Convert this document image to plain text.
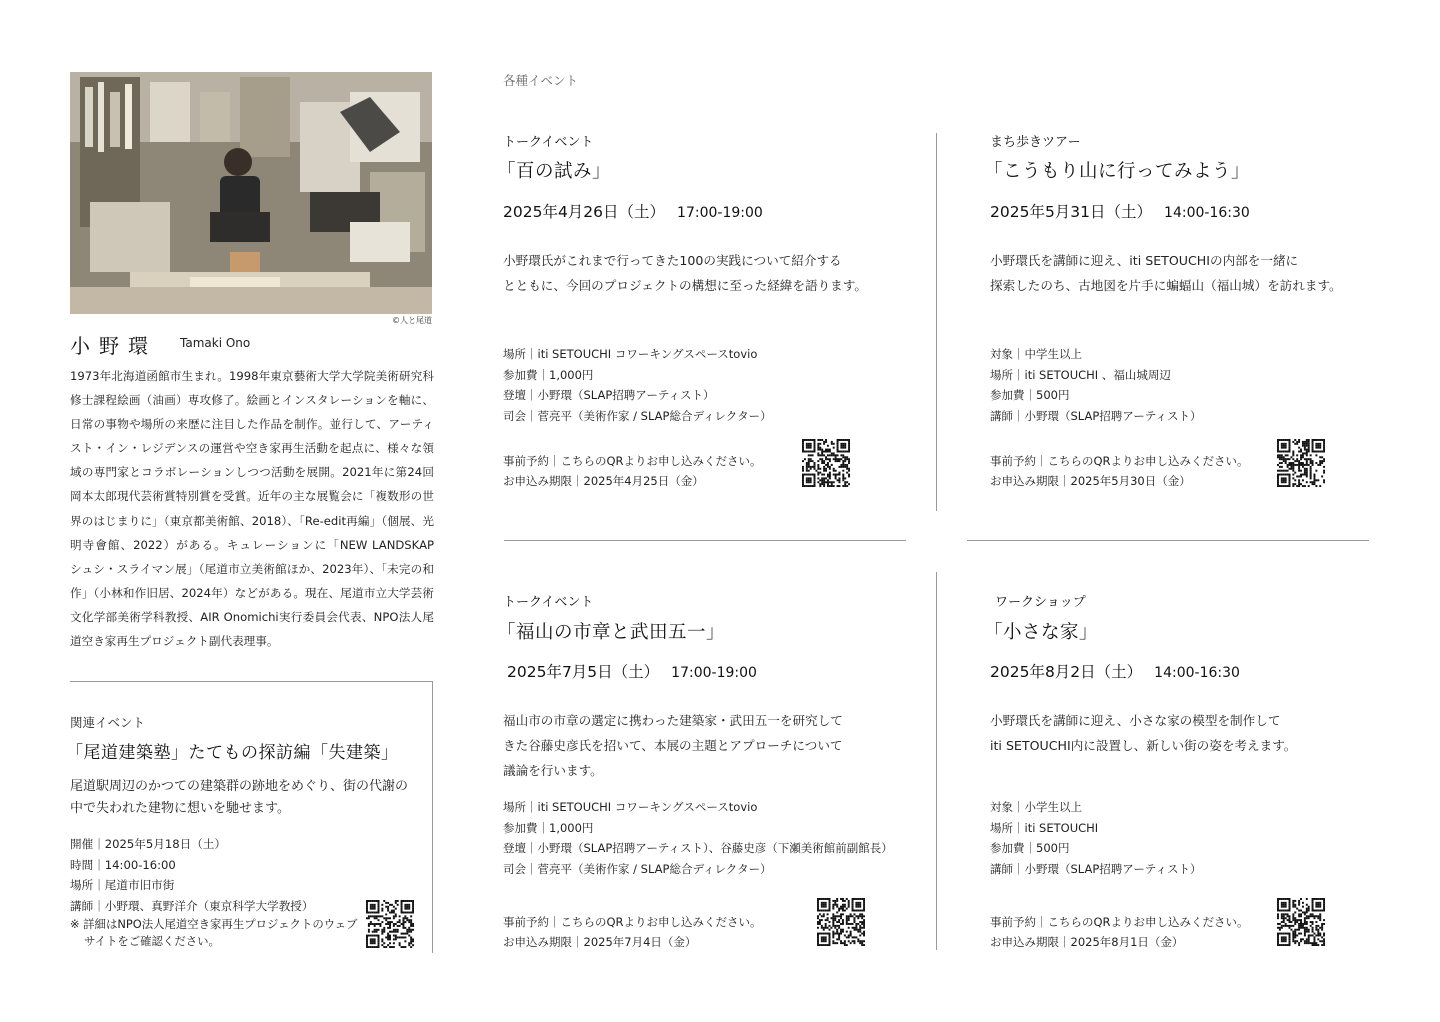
©人と尾道
小野環 Tamaki Ono
1973年北海道函館市生まれ。1998年東京藝術大学大学院美術研究科修士課程絵画（油画）専攻修了。絵画とインスタレーションを軸に、日常の事物や場所の来歴に注目した作品を制作。並行して、アーティスト・イン・レジデンスの運営や空き家再生活動を起点に、様々な領域の専門家とコラボレーションしつつ活動を展開。2021年に第24回岡本太郎現代芸術賞特別賞を受賞。近年の主な展覧会に「複数形の世界のはじまりに」（東京都美術館、2018）、「Re-edit再編」（個展、光明寺會館、2022）がある。キュレーションに「NEW LANDSKAP　シュシ・スライマン展」（尾道市立美術館ほか、2023年）、「未完の和作」（小林和作旧居、2024年）などがある。現在、尾道市立大学芸術文化学部美術学科教授、AIR Onomichi実行委員会代表、NPO法人尾道空き家再生プロジェクト副代表理事。
関連イベント
「尾道建築塾」たてもの探訪編「失建築」
尾道駅周辺のかつての建築群の跡地をめぐり、街の代謝の中で失われた建物に想いを馳せます。
開催｜2025年5月18日（土）
時間｜14:00-16:00
場所｜尾道市旧市街
講師｜小野環、真野洋介（東京科学大学教授）
※ 詳細はNPO法人尾道空き家再生プロジェクトのウェブサイトをご確認ください。
各種イベント
トークイベント
「百の試み」
2025年4月26日（土） 17:00-19:00
小野環氏がこれまで行ってきた100の実践について紹介する
とともに、今回のプロジェクトの構想に至った経緯を語ります。
場所｜iti SETOUCHI コワーキングスペースtovio
参加費｜1,000円
登壇｜小野環（SLAP招聘アーティスト）
司会｜菅亮平（美術作家 / SLAP総合ディレクター）
事前予約｜こちらのQRよりお申し込みください。
お申込み期限｜2025年4月25日（金）
まち歩きツアー
「こうもり山に行ってみよう」
2025年5月31日（土） 14:00-16:30
小野環氏を講師に迎え、iti SETOUCHIの内部を一緒に
探索したのち、古地図を片手に蝙蝠山（福山城）を訪れます。
対象｜中学生以上
場所｜iti SETOUCHI 、福山城周辺
参加費｜500円
講師｜小野環（SLAP招聘アーティスト）
事前予約｜こちらのQRよりお申し込みください。
お申込み期限｜2025年5月30日（金）
トークイベント
「福山の市章と武田五一」
2025年7月5日（土） 17:00-19:00
福山市の市章の選定に携わった建築家・武田五一を研究して
きた谷藤史彦氏を招いて、本展の主題とアプローチについて
議論を行います。
場所｜iti SETOUCHI コワーキングスペースtovio
参加費｜1,000円
登壇｜小野環（SLAP招聘アーティスト）、谷藤史彦（下瀬美術館前副館長）
司会｜菅亮平（美術作家 / SLAP総合ディレクター）
事前予約｜こちらのQRよりお申し込みください。
お申込み期限｜2025年7月4日（金）
ワークショップ
「小さな家」
2025年8月2日（土） 14:00-16:30
小野環氏を講師に迎え、小さな家の模型を制作して
iti SETOUCHI内に設置し、新しい街の姿を考えます。
対象｜小学生以上
場所｜iti SETOUCHI
参加費｜500円
講師｜小野環（SLAP招聘アーティスト）
事前予約｜こちらのQRよりお申し込みください。
お申込み期限｜2025年8月1日（金）
